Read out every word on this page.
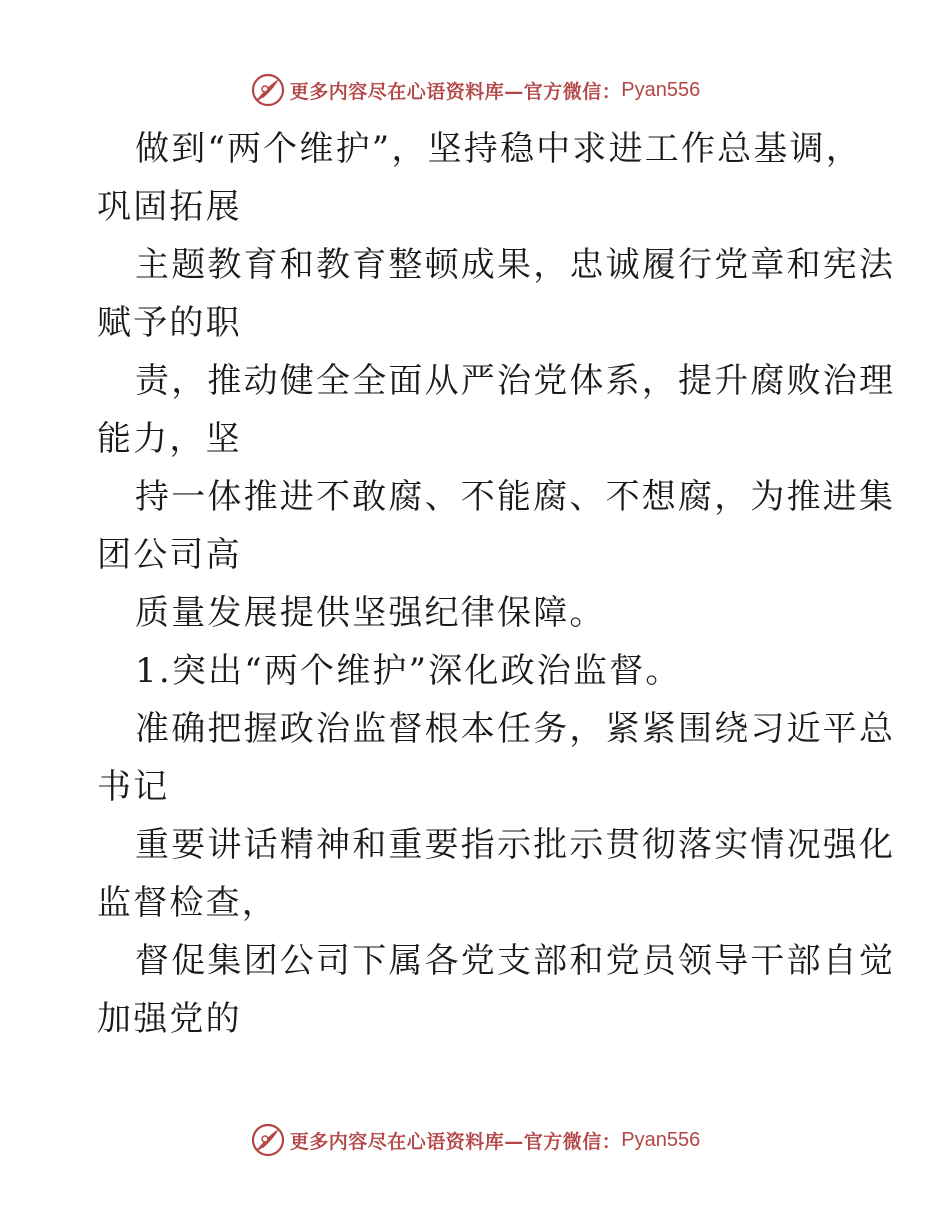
更多内容尽在心语资料库—官方微信： Pyan556
做到“两个维护”，坚持稳中求进工作总基调，
巩固拓展
主题教育和教育整顿成果，忠诚履行党章和宪法
赋予的职
责，推动健全全面从严治党体系，提升腐败治理
能力，坚
持一体推进不敢腐、不能腐、不想腐，为推进集
团公司高
质量发展提供坚强纪律保障。
1.突出“两个维护”深化政治监督。
准确把握政治监督根本任务，紧紧围绕习近平总
书记
重要讲话精神和重要指示批示贯彻落实情况强化
监督检查，
督促集团公司下属各党支部和党员领导干部自觉
加强党的
更多内容尽在心语资料库—官方微信： Pyan556
